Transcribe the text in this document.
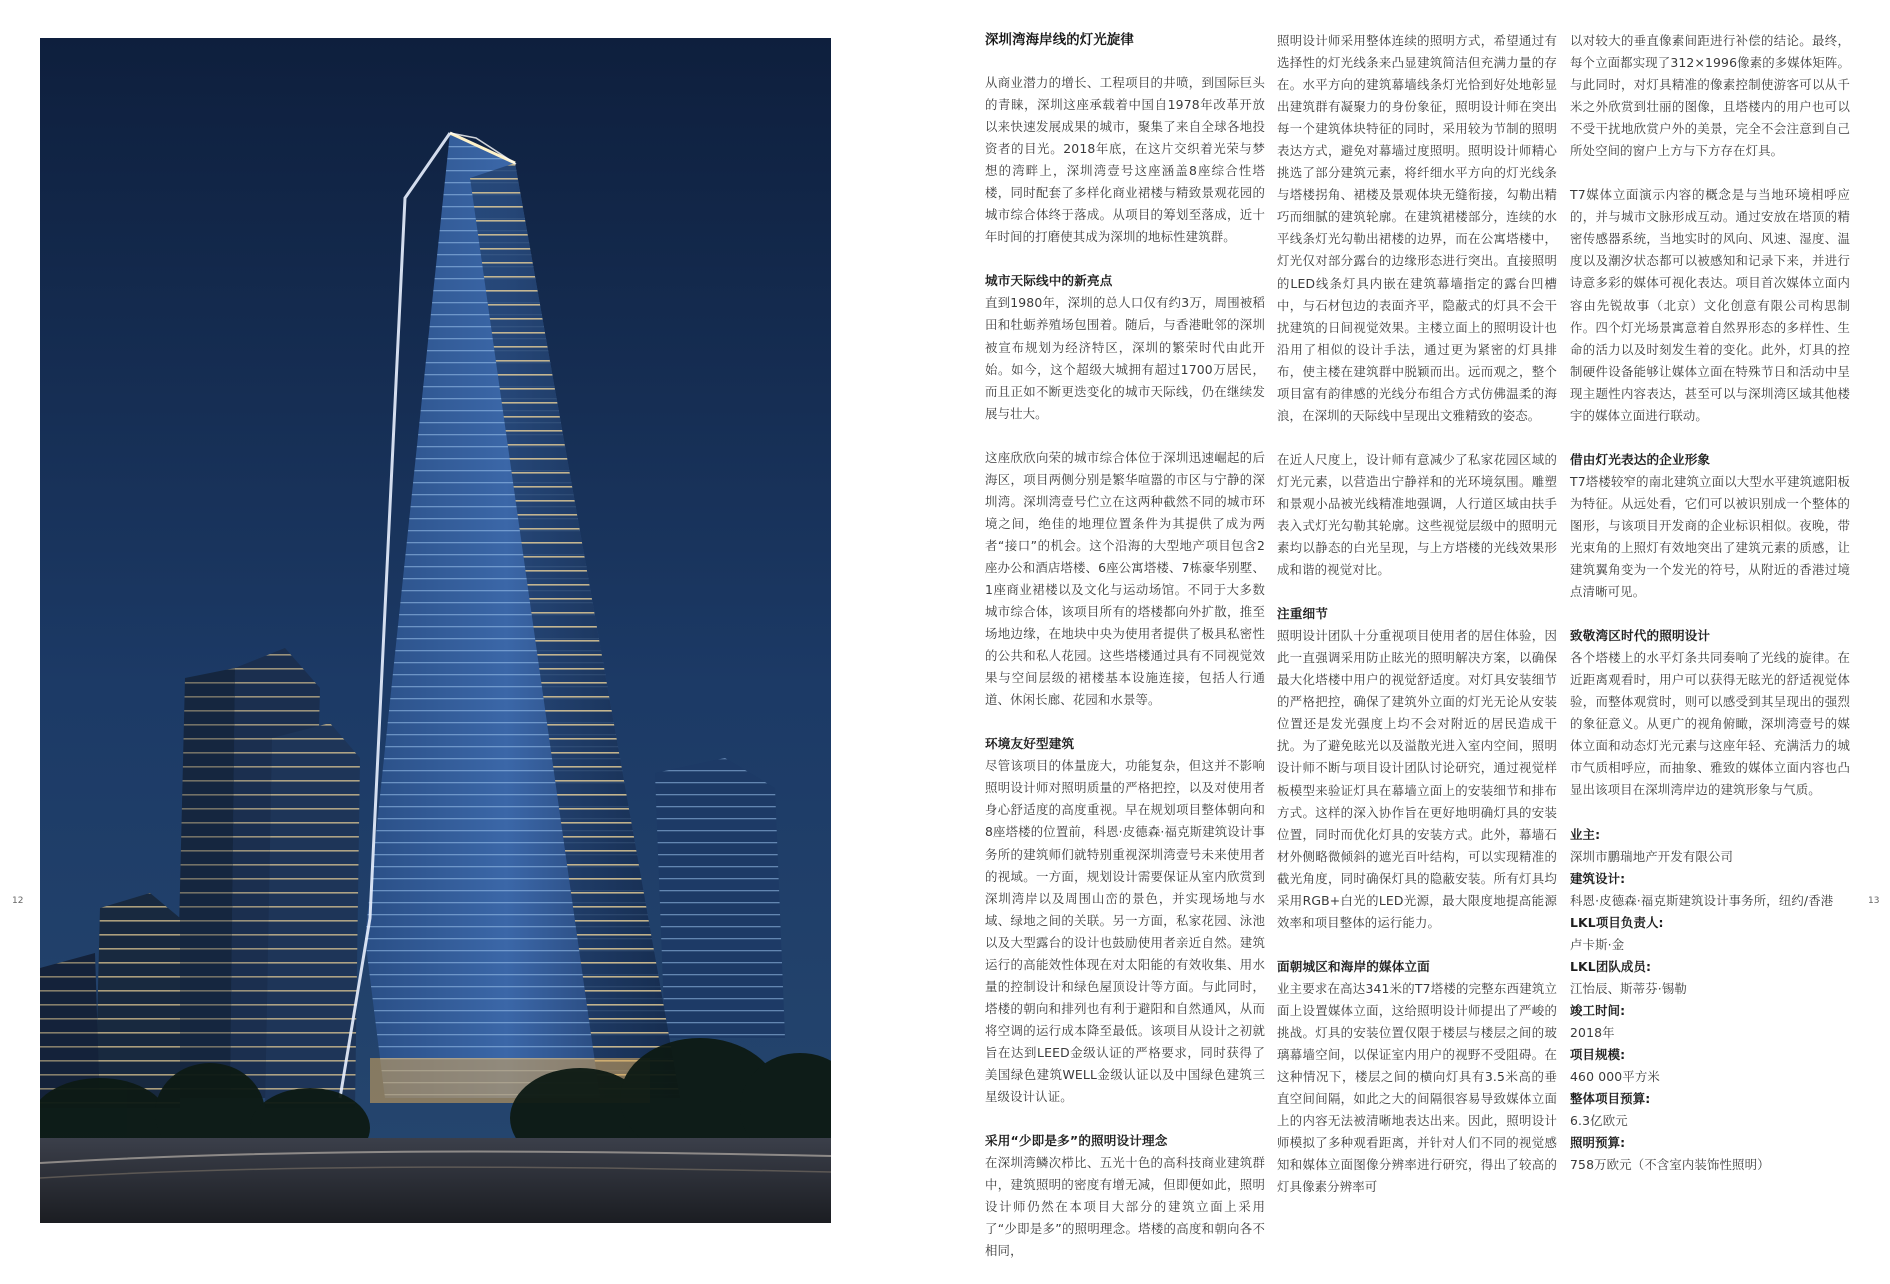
12	13
深圳湾海岸线的灯光旋律

从商业潜力的增长、工程项目的井喷，到国际巨头的青睐，深圳这座承载着中国自1978年改革开放以来快速发展成果的城市，聚集了来自全球各地投资者的目光。2018年底，在这片交织着光荣与梦想的湾畔上，深圳湾壹号这座涵盖8座综合性塔楼，同时配套了多样化商业裙楼与精致景观花园的城市综合体终于落成。从项目的筹划至落成，近十年时间的打磨使其成为深圳的地标性建筑群。

城市天际线中的新亮点

直到1980年，深圳的总人口仅有约3万，周围被稻田和牡蛎养殖场包围着。随后，与香港毗邻的深圳被宣布规划为经济特区，深圳的繁荣时代由此开始。如今，这个超级大城拥有超过1700万居民，而且正如不断更迭变化的城市天际线，仍在继续发展与壮大。

这座欣欣向荣的城市综合体位于深圳迅速崛起的后海区，项目两侧分别是繁华喧嚣的市区与宁静的深圳湾。深圳湾壹号伫立在这两种截然不同的城市环境之间，绝佳的地理位置条件为其提供了成为两者“接口”的机会。这个沿海的大型地产项目包含2座办公和酒店塔楼、6座公寓塔楼、7栋豪华别墅、1座商业裙楼以及文化与运动场馆。不同于大多数城市综合体，该项目所有的塔楼都向外扩散，推至场地边缘，在地块中央为使用者提供了极具私密性的公共和私人花园。这些塔楼通过具有不同视觉效果与空间层级的裙楼基本设施连接，包括人行通道、休闲长廊、花园和水景等。

环境友好型建筑

尽管该项目的体量庞大，功能复杂，但这并不影响照明设计师对照明质量的严格把控，以及对使用者身心舒适度的高度重视。早在规划项目整体朝向和8座塔楼的位置前，科恩·皮德森·福克斯建筑设计事务所的建筑师们就特别重视深圳湾壹号未来使用者的视域。一方面，规划设计需要保证从室内欣赏到深圳湾岸以及周围山峦的景色，并实现场地与水域、绿地之间的关联。另一方面，私家花园、泳池以及大型露台的设计也鼓励使用者亲近自然。建筑运行的高能效性体现在对太阳能的有效收集、用水量的控制设计和绿色屋顶设计等方面。与此同时，塔楼的朝向和排列也有利于避阳和自然通风，从而将空调的运行成本降至最低。该项目从设计之初就旨在达到LEED金级认证的严格要求，同时获得了美国绿色建筑WELL金级认证以及中国绿色建筑三星级设计认证。

采用“少即是多”的照明设计理念

在深圳湾鳞次栉比、五光十色的高科技商业建筑群中，建筑照明的密度有增无减，但即便如此，照明设计师仍然在本项目大部分的建筑立面上采用了“少即是多”的照明理念。塔楼的高度和朝向各不相同，

照明设计师采用整体连续的照明方式，希望通过有选择性的灯光线条来凸显建筑简洁但充满力量的存在。水平方向的建筑幕墙线条灯光恰到好处地彰显出建筑群有凝聚力的身份象征，照明设计师在突出每一个建筑体块特征的同时，采用较为节制的照明表达方式，避免对幕墙过度照明。照明设计师精心挑选了部分建筑元素，将纤细水平方向的灯光线条与塔楼拐角、裙楼及景观体块无缝衔接，勾勒出精巧而细腻的建筑轮廓。在建筑裙楼部分，连续的水平线条灯光勾勒出裙楼的边界，而在公寓塔楼中，灯光仅对部分露台的边缘形态进行突出。直接照明的LED线条灯具内嵌在建筑幕墙指定的露台凹槽中，与石材包边的表面齐平，隐蔽式的灯具不会干扰建筑的日间视觉效果。主楼立面上的照明设计也沿用了相似的设计手法，通过更为紧密的灯具排布，使主楼在建筑群中脱颖而出。远而观之，整个项目富有韵律感的光线分布组合方式仿佛温柔的海浪，在深圳的天际线中呈现出文雅精致的姿态。

在近人尺度上，设计师有意减少了私家花园区域的灯光元素，以营造出宁静祥和的光环境氛围。雕塑和景观小品被光线精准地强调，人行道区域由扶手表入式灯光勾勒其轮廓。这些视觉层级中的照明元素均以静态的白光呈现，与上方塔楼的光线效果形成和谐的视觉对比。

注重细节

照明设计团队十分重视项目使用者的居住体验，因此一直强调采用防止眩光的照明解决方案，以确保最大化塔楼中用户的视觉舒适度。对灯具安装细节的严格把控，确保了建筑外立面的灯光无论从安装位置还是发光强度上均不会对附近的居民造成干扰。为了避免眩光以及溢散光进入室内空间，照明设计师不断与项目设计团队讨论研究，通过视觉样板模型来验证灯具在幕墙立面上的安装细节和排布方式。这样的深入协作旨在更好地明确灯具的安装位置，同时而优化灯具的安装方式。此外，幕墙石材外侧略微倾斜的遮光百叶结构，可以实现精准的截光角度，同时确保灯具的隐蔽安装。所有灯具均采用RGB+白光的LED光源，最大限度地提高能源效率和项目整体的运行能力。

面朝城区和海岸的媒体立面

业主要求在高达341米的T7塔楼的完整东西建筑立面上设置媒体立面，这给照明设计师提出了严峻的挑战。灯具的安装位置仅限于楼层与楼层之间的玻璃幕墙空间，以保证室内用户的视野不受阻碍。在这种情况下，楼层之间的横向灯具有3.5米高的垂直空间间隔，如此之大的间隔很容易导致媒体立面上的内容无法被清晰地表达出来。因此，照明设计师模拟了多种观看距离，并针对人们不同的视觉感知和媒体立面图像分辨率进行研究，得出了较高的灯具像素分辨率可

以对较大的垂直像素间距进行补偿的结论。最终，每个立面都实现了312×1996像素的多媒体矩阵。与此同时，对灯具精准的像素控制使游客可以从千米之外欣赏到壮丽的图像，且塔楼内的用户也可以不受干扰地欣赏户外的美景，完全不会注意到自己所处空间的窗户上方与下方存在灯具。

T7媒体立面演示内容的概念是与当地环境相呼应的，并与城市文脉形成互动。通过安放在塔顶的精密传感器系统，当地实时的风向、风速、湿度、温度以及潮汐状态都可以被感知和记录下来，并进行诗意多彩的媒体可视化表达。项目首次媒体立面内容由先锐故事（北京）文化创意有限公司构思制作。四个灯光场景寓意着自然界形态的多样性、生命的活力以及时刻发生着的变化。此外，灯具的控制硬件设备能够让媒体立面在特殊节日和活动中呈现主题性内容表达，甚至可以与深圳湾区域其他楼宇的媒体立面进行联动。

借由灯光表达的企业形象

T7塔楼较窄的南北建筑立面以大型水平建筑遮阳板为特征。从远处看，它们可以被识别成一个整体的图形，与该项目开发商的企业标识相似。夜晚，带光束角的上照灯有效地突出了建筑元素的质感，让建筑翼角变为一个发光的符号，从附近的香港过境点清晰可见。

致敬湾区时代的照明设计

各个塔楼上的水平灯条共同奏响了光线的旋律。在近距离观看时，用户可以获得无眩光的舒适视觉体验，而整体观赏时，则可以感受到其呈现出的强烈的象征意义。从更广的视角俯瞰，深圳湾壹号的媒体立面和动态灯光元素与这座年轻、充满活力的城市气质相呼应，而抽象、雅致的媒体立面内容也凸显出该项目在深圳湾岸边的建筑形象与气质。

业主:
深圳市鹏瑞地产开发有限公司
建筑设计:
科恩·皮德森·福克斯建筑设计事务所，纽约/香港
LKL项目负责人:
卢卡斯·金
LKL团队成员:
江怡辰、斯蒂芬·锡勒
竣工时间:
2018年
项目规模:
460 000平方米
整体项目预算:
6.3亿欧元
照明预算:
758万欧元（不含室内装饰性照明）
